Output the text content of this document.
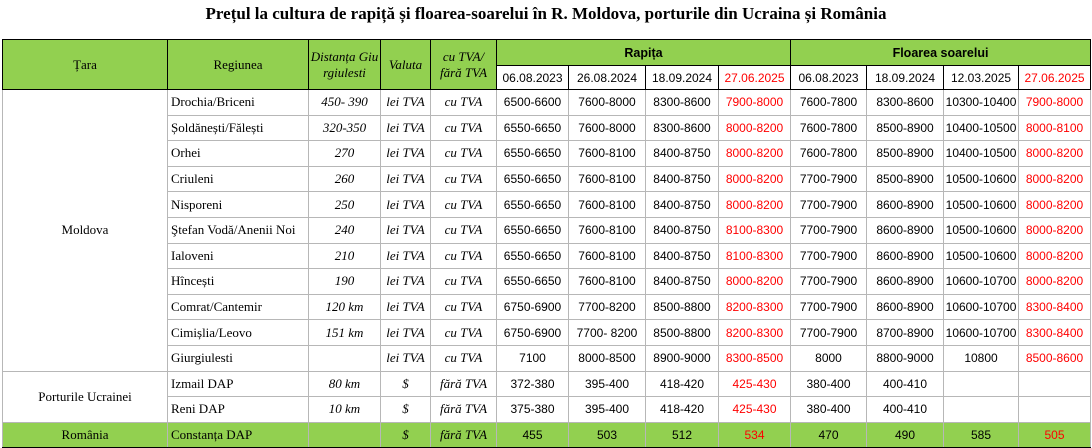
Prețul la cultura de rapiță și floarea-soarelui în R. Moldova, porturile din Ucraina și România
Țara	Regiunea	Distanța Giurgiulesti	Valuta	cu TVA/ fără TVA	Rapița				Floarea soarelui			
					06.08.2023	26.08.2024	18.09.2024	27.06.2025	06.08.2023	18.09.2024	12.03.2025	27.06.2025
Moldova	Drochia/Briceni	450- 390	lei TVA	cu TVA	6500-6600	7600-8000	8300-8600	7900-8000	7600-7800	8300-8600	10300-10400	7900-8000
	Șoldănești/Fălești	320-350	lei TVA	cu TVA	6550-6650	7600-8000	8300-8600	8000-8200	7600-7800	8500-8900	10400-10500	8000-8100
	Orhei	270	lei TVA	cu TVA	6550-6650	7600-8100	8400-8750	8000-8200	7600-7800	8500-8900	10400-10500	8000-8200
	Criuleni	260	lei TVA	cu TVA	6550-6650	7600-8100	8400-8750	8000-8200	7700-7900	8500-8900	10500-10600	8000-8200
	Nisporeni	250	lei TVA	cu TVA	6550-6650	7600-8100	8400-8750	8000-8200	7700-7900	8600-8900	10500-10600	8000-8200
	Ştefan Vodă/Anenii Noi	240	lei TVA	cu TVA	6550-6650	7600-8100	8400-8750	8100-8300	7700-7900	8600-8900	10500-10600	8000-8200
	Ialoveni	210	lei TVA	cu TVA	6550-6650	7600-8100	8400-8750	8100-8300	7700-7900	8600-8900	10500-10600	8000-8200
	Hîncești	190	lei TVA	cu TVA	6550-6650	7600-8100	8400-8750	8000-8200	7700-7900	8600-8900	10600-10700	8000-8200
	Comrat/Cantemir	120 km	lei TVA	cu TVA	6750-6900	7700-8200	8500-8800	8200-8300	7700-7900	8600-8900	10600-10700	8300-8400
	Cimișlia/Leovo	151 km	lei TVA	cu TVA	6750-6900	7700- 8200	8500-8800	8200-8300	7700-7900	8700-8900	10600-10700	8300-8400
	Giurgiulesti		lei TVA	cu TVA	7100	8000-8500	8900-9000	8300-8500	8000	8800-9000	10800	8500-8600
Porturile Ucrainei	Izmail DAP	80 km	$	fără TVA	372-380	395-400	418-420	425-430	380-400	400-410		
	Reni DAP	10 km	$	fără TVA	375-380	395-400	418-420	425-430	380-400	400-410		
România	Constanța DAP		$	fără TVA	455	503	512	534	470	490	585	505
